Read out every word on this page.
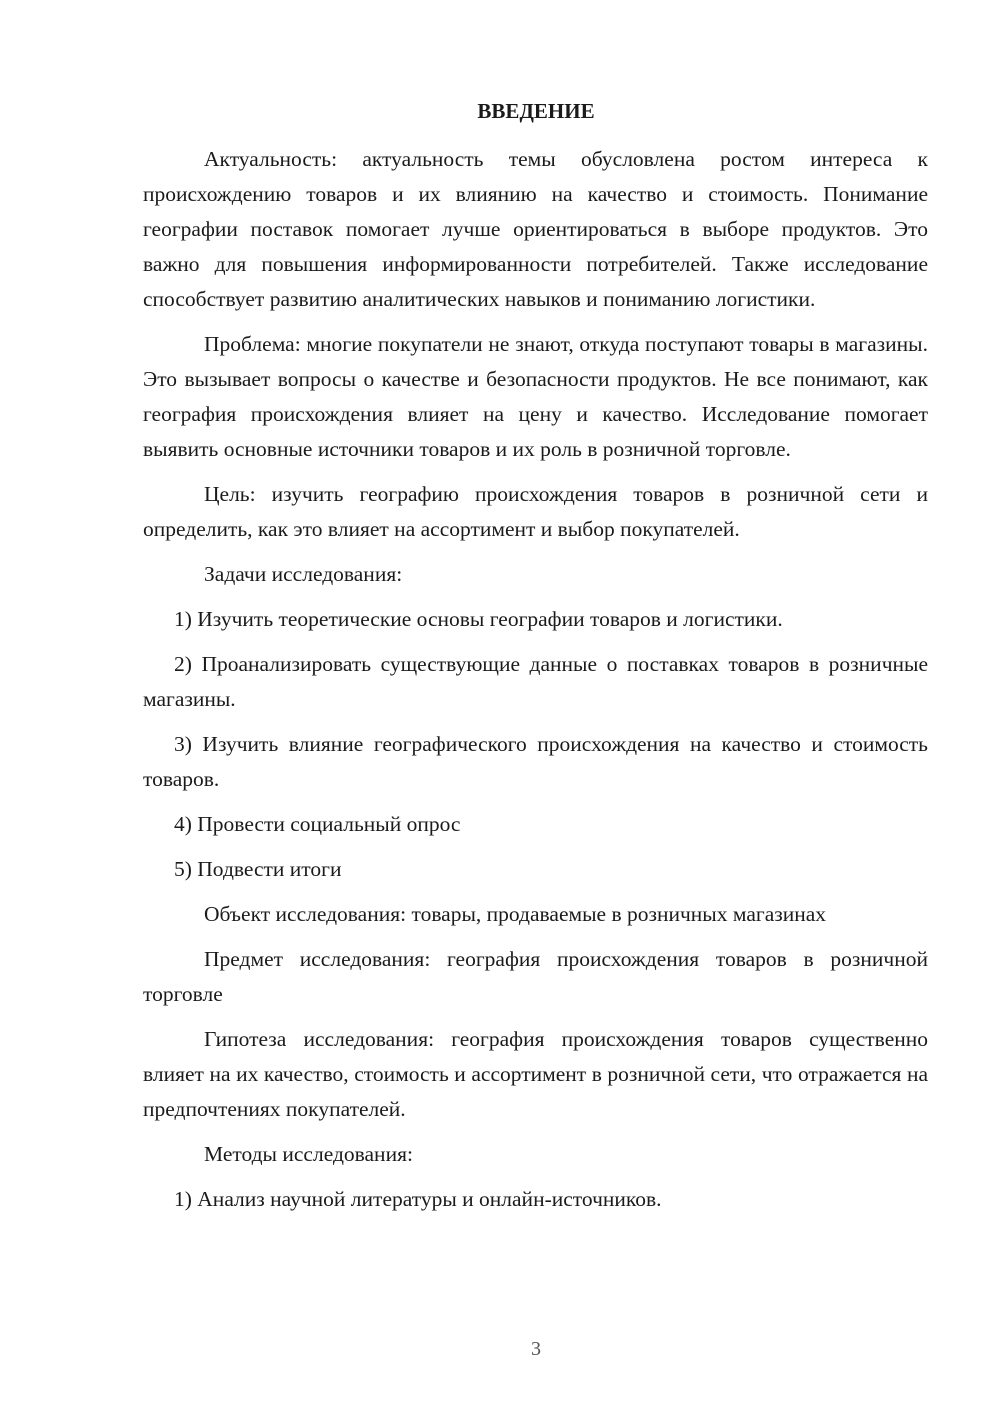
ВВЕДЕНИЕ

Актуальность: актуальность темы обусловлена ростом интереса к происхождению товаров и их влиянию на качество и стоимость. Понимание географии поставок помогает лучше ориентироваться в выборе продуктов. Это важно для повышения информированности потребителей. Также исследование способствует развитию аналитических навыков и пониманию логистики.

Проблема: многие покупатели не знают, откуда поступают товары в магазины. Это вызывает вопросы о качестве и безопасности продуктов. Не все понимают, как география происхождения влияет на цену и качество. Исследование помогает выявить основные источники товаров и их роль в розничной торговле.

Цель: изучить географию происхождения товаров в розничной сети и определить, как это влияет на ассортимент и выбор покупателей.

Задачи исследования:

1) Изучить теоретические основы географии товаров и логистики.

2) Проанализировать существующие данные о поставках товаров в розничные магазины.

3) Изучить влияние географического происхождения на качество и стоимость товаров.

4) Провести социальный опрос

5) Подвести итоги

Объект исследования: товары, продаваемые в розничных магазинах

Предмет исследования: география происхождения товаров в розничной торговле

Гипотеза исследования: география происхождения товаров существенно влияет на их качество, стоимость и ассортимент в розничной сети, что отражается на предпочтениях покупателей.

Методы исследования:

1) Анализ научной литературы и онлайн-источников.

3
